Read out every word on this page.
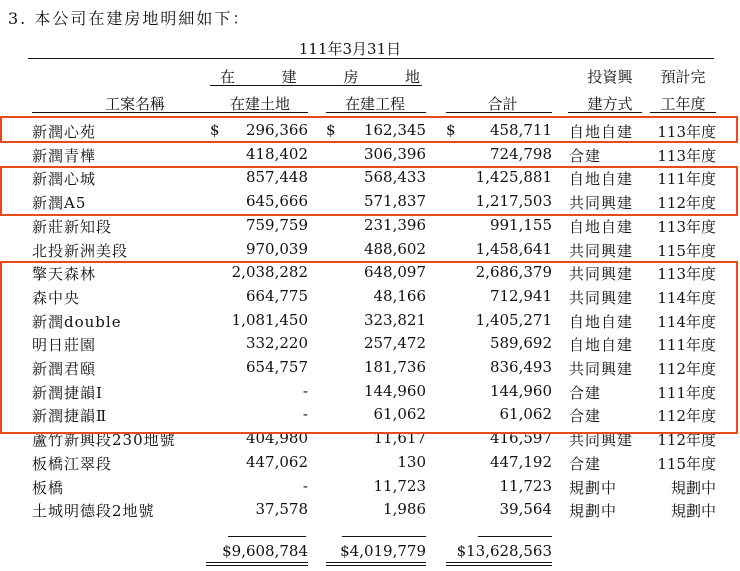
3. 本公司在建房地明細如下：
111年3月31日
在	建	房	地	投資興	預計完
工案名稱	在建土地	在建工程	合計	建方式	工年度
新潤心苑	296,366	162,345	458,711 自地自建	113年度
$	$	$
新潤青樺	418,402	306,396	724,798 合建	113年度
新潤心城	857,448	568,433	1,425,881 自地自建	111年度
新潤A5	645,666	571,837	1,217,503 共同興建	112年度
新莊新知段	759,759	231,396	991,155 自地自建	113年度
北投新洲美段	970,039	488,602	1,458,641 共同興建	115年度
擎天森林	2,038,282	648,097	2,686,379 共同興建	113年度
森中央	664,775	48,166	712,941 共同興建	114年度
新潤double	1,081,450	323,821	1,405,271 自地自建	114年度
明日莊園	332,220	257,472	589,692 自地自建	111年度
新潤君頤	654,757	181,736	836,493 共同興建	112年度
新潤捷韻Ⅰ	-	144,960	144,960 合建	111年度
新潤捷韻Ⅱ	-	61,062	61,062 合建	112年度
蘆竹新興段230地號	404,980	11,617	416,597 共同興建	112年度
板橋江翠段	447,062	130	447,192 合建	115年度
板橋	-	11,723	11,723 規劃中	規劃中
土城明德段2地號	37,578	1,986	39,564 規劃中	規劃中
$9,608,784	$4,019,779	$13,628,563
